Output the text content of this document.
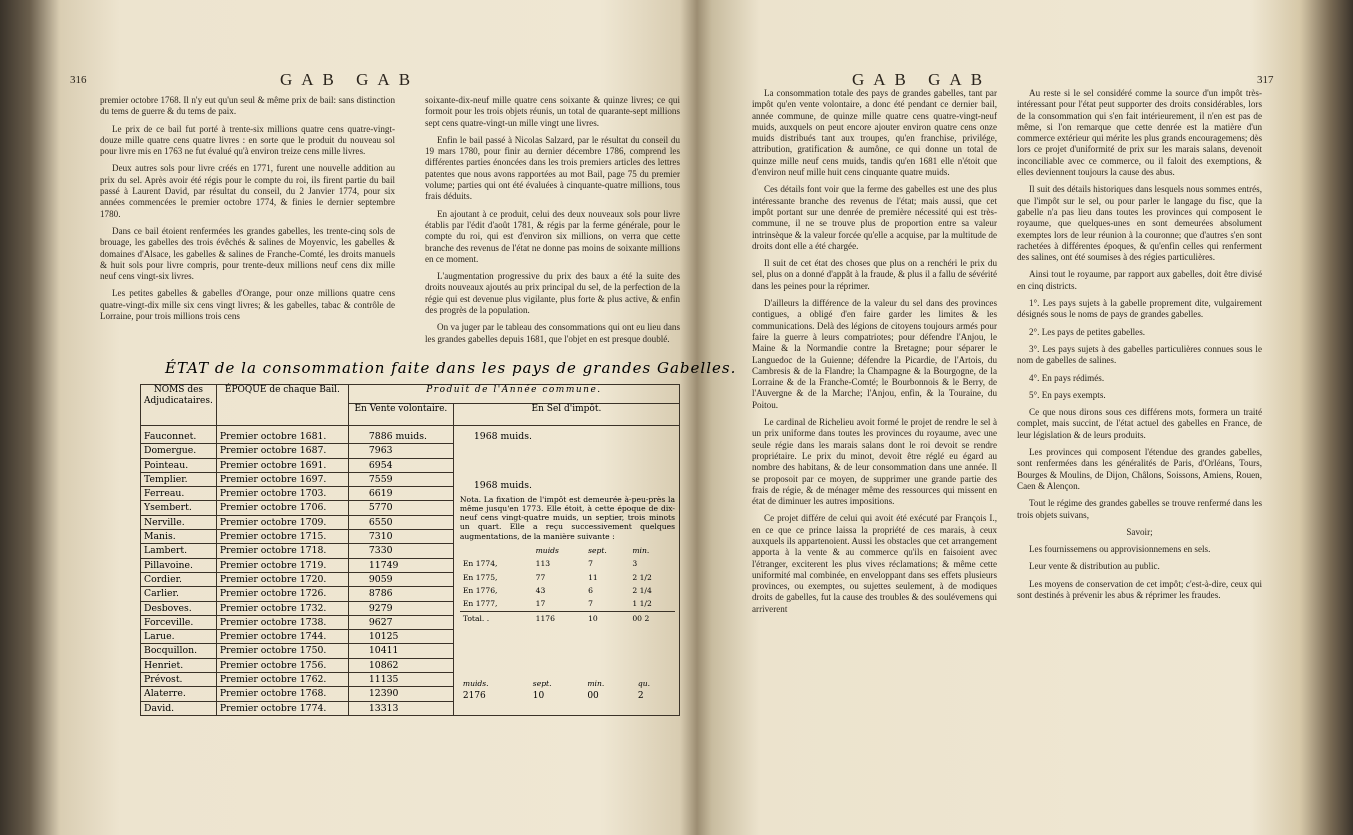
316	GAB GAB

premier octobre 1768. Il n'y eut qu'un seul & même prix de bail: sans distinction du tems de guerre & du tems de paix.

Le prix de ce bail fut porté à trente-six millions quatre cens quatre-vingt-douze mille quatre cens quatre livres : en sorte que le produit du nouveau sol pour livre mis en 1763 ne fut évalué qu'à environ treize cens mille livres.

Deux autres sols pour livre créés en 1771, furent une nouvelle addition au prix du sel. Après avoir été régis pour le compte du roi, ils firent partie du bail passé à Laurent David, par résultat du conseil, du 2 Janvier 1774, pour six années commencées le premier octobre 1774, & finies le dernier septembre 1780.

Dans ce bail étoient renfermées les grandes gabelles, les trente-cinq sols de brouage, les gabelles des trois évêchés & salines de Moyenvic, les gabelles & domaines d'Alsace, les gabelles & salines de Franche-Comté, les droits manuels & huit sols pour livre compris, pour trente-deux millions neuf cens dix mille neuf cens vingt-six livres.

Les petites gabelles & gabelles d'Orange, pour onze millions quatre cens quatre-vingt-dix mille six cens vingt livres; & les gabelles, tabac & contrôle de Lorraine, pour trois millions trois cens

soixante-dix-neuf mille quatre cens soixante & quinze livres; ce qui formoit pour les trois objets réunis, un total de quarante-sept millions sept cens quatre-vingt-un mille vingt une livres.

Enfin le bail passé à Nicolas Salzard, par le résultat du conseil du 19 mars 1780, pour finir au dernier décembre 1786, comprend les différentes parties énoncées dans les trois premiers articles des lettres patentes que nous avons rapportées au mot Bail, page 75 du premier volume; parties qui ont été évaluées à cinquante-quatre millions, tous frais déduits.

En ajoutant à ce produit, celui des deux nouveaux sols pour livre établis par l'édit d'août 1781, & régis par la ferme générale, pour le compte du roi, qui est d'environ six millions, on verra que cette branche des revenus de l'état ne donne pas moins de soixante millions en ce moment.

L'augmentation progressive du prix des baux a été la suite des droits nouveaux ajoutés au prix principal du sel, de la perfection de la régie qui est devenue plus vigilante, plus forte & plus active, & enfin des progrès de la population.

On va juger par le tableau des consommations qui ont eu lieu dans les grandes gabelles depuis 1681, que l'objet en est presque doublé.

ÉTAT de la consommation faite dans les pays de grandes Gabelles.
NOMS des Adjudicataires.	ÉPOQUE de chaque Bail.	Produit de l'Année commune.
En Vente volontaire.	En Sel d'impôt.
Fauconnet.	Premier octobre 1681.	7886 muids.	1968 muids.
1968 muids.
Nota. La fixation de l'impôt est demeurée à-peu-près la même jusqu'en 1773. Elle étoit, à cette époque de dix-neuf cens vingt-quatre muids, un septier, trois minots un quart. Elle a reçu successivement quelques augmentations, de la manière suivante :
	muids	sept.	min.
En 1774,	113	7	3
En 1775,	77	11	2 1/2
En 1776,	43	6	2 1/4
En 1777,	17	7	1 1/2
Total. .	1176	10	00 2
muids.	sept.	min.	qu.
2176	10	00	2

Domergue.	Premier octobre 1687.	7963
Pointeau.	Premier octobre 1691.	6954
Templier.	Premier octobre 1697.	7559
Ferreau.	Premier octobre 1703.	6619
Ysembert.	Premier octobre 1706.	5770
Nerville.	Premier octobre 1709.	6550
Manis.	Premier octobre 1715.	7310
Lambert.	Premier octobre 1718.	7330
Pillavoine.	Premier octobre 1719.	11749
Cordier.	Premier octobre 1720.	9059
Carlier.	Premier octobre 1726.	8786
Desboves.	Premier octobre 1732.	9279
Forceville.	Premier octobre 1738.	9627
Larue.	Premier octobre 1744.	10125
Bocquillon.	Premier octobre 1750.	10411
Henriet.	Premier octobre 1756.	10862
Prévost.	Premier octobre 1762.	11135
Alaterre.	Premier octobre 1768.	12390
David.	Premier octobre 1774.	13313
GAB GAB	317

La consommation totale des pays de grandes gabelles, tant par impôt qu'en vente volontaire, a donc été pendant ce dernier bail, année commune, de quinze mille quatre cens quatre-vingt-neuf muids, auxquels on peut encore ajouter environ quatre cens onze muids distribués tant aux troupes, qu'en franchise, privilége, attribution, gratification & aumône, ce qui donne un total de quinze mille neuf cens muids, tandis qu'en 1681 elle n'étoit que d'environ neuf mille huit cens cinquante quatre muids.

Ces détails font voir que la ferme des gabelles est une des plus intéressante branche des revenus de l'état; mais aussi, que cet impôt portant sur une denrée de première nécessité qui est très-commune, il ne se trouve plus de proportion entre sa valeur intrinsèque & la valeur forcée qu'elle a acquise, par la multitude de droits dont elle a été chargée.

Il suit de cet état des choses que plus on a renchéri le prix du sel, plus on a donné d'appât à la fraude, & plus il a fallu de sévérité dans les peines pour la réprimer.

D'ailleurs la différence de la valeur du sel dans des provinces contigues, a obligé d'en faire garder les limites & les communications. Delà des légions de citoyens toujours armés pour faire la guerre à leurs compatriotes; pour défendre l'Anjou, le Maine & la Normandie contre la Bretagne; pour séparer le Languedoc de la Guienne; défendre la Picardie, de l'Artois, du Cambresis & de la Flandre; la Champagne & la Bourgogne, de la Lorraine & de la Franche-Comté; le Bourbonnois & le Berry, de l'Auvergne & de la Marche; l'Anjou, enfin, & la Touraine, du Poitou.

Le cardinal de Richelieu avoit formé le projet de rendre le sel à un prix uniforme dans toutes les provinces du royaume, avec une seule régie dans les marais salans dont le roi devoit se rendre propriétaire. Le prix du minot, devoit être réglé eu égard au nombre des habitans, & de leur consommation dans une année. Il se proposoit par ce moyen, de supprimer une grande partie des frais de régie, & de ménager même des ressources qui missent en état de diminuer les autres impositions.

Ce projet différe de celui qui avoit été exécuté par François I., en ce que ce prince laissa la propriété de ces marais, à ceux auxquels ils appartenoient. Aussi les obstacles que cet arrangement apporta à la vente & au commerce qu'ils en faisoient avec l'étranger, exciterent les plus vives réclamations; & même cette uniformité mal combinée, en enveloppant dans ses effets plusieurs provinces, ou exemptes, ou sujettes seulement, à de modiques droits de gabelles, fut la cause des troubles & des soulévemens qui arriverent

Au reste si le sel considéré comme la source d'un impôt très-intéressant pour l'état peut supporter des droits considérables, lors de la consommation qui s'en fait intérieurement, il n'en est pas de même, si l'on remarque que cette denrée est la matière d'un commerce extérieur qui mérite les plus grands encouragemens; dès lors ce projet d'uniformité de prix sur les marais salans, devenoit inconciliable avec ce commerce, ou il faloit des exemptions, & elles deviennent toujours la cause des abus.

Il suit des détails historiques dans lesquels nous sommes entrés, que l'impôt sur le sel, ou pour parler le langage du fisc, que la gabelle n'a pas lieu dans toutes les provinces qui composent le royaume, que quelques-unes en sont demeurées absolument exemptes lors de leur réunion à la couronne; que d'autres s'en sont rachetées à différentes époques, & qu'enfin celles qui renferment des salines, ont été soumises à des régies particulières.

Ainsi tout le royaume, par rapport aux gabelles, doit être divisé en cinq districts.

1°. Les pays sujets à la gabelle proprement dite, vulgairement désignés sous le noms de pays de grandes gabelles.

2°. Les pays de petites gabelles.

3°. Les pays sujets à des gabelles particulières connues sous le nom de gabelles de salines.

4°. En pays rédimés.

5°. En pays exempts.

Ce que nous dirons sous ces différens mots, formera un traité complet, mais succint, de l'état actuel des gabelles en France, de leur législation & de leurs produits.

Les provinces qui composent l'étendue des grandes gabelles, sont renfermées dans les généralités de Paris, d'Orléans, Tours, Bourges & Moulins, de Dijon, Châlons, Soissons, Amiens, Rouen, Caen & Alençon.

Tout le régime des grandes gabelles se trouve renfermé dans les trois objets suivans,

Savoir;

Les fournissemens ou approvisionnemens en sels.

Leur vente & distribution au public.

Les moyens de conservation de cet impôt; c'est-à-dire, ceux qui sont destinés à prévenir les abus & réprimer les fraudes.
